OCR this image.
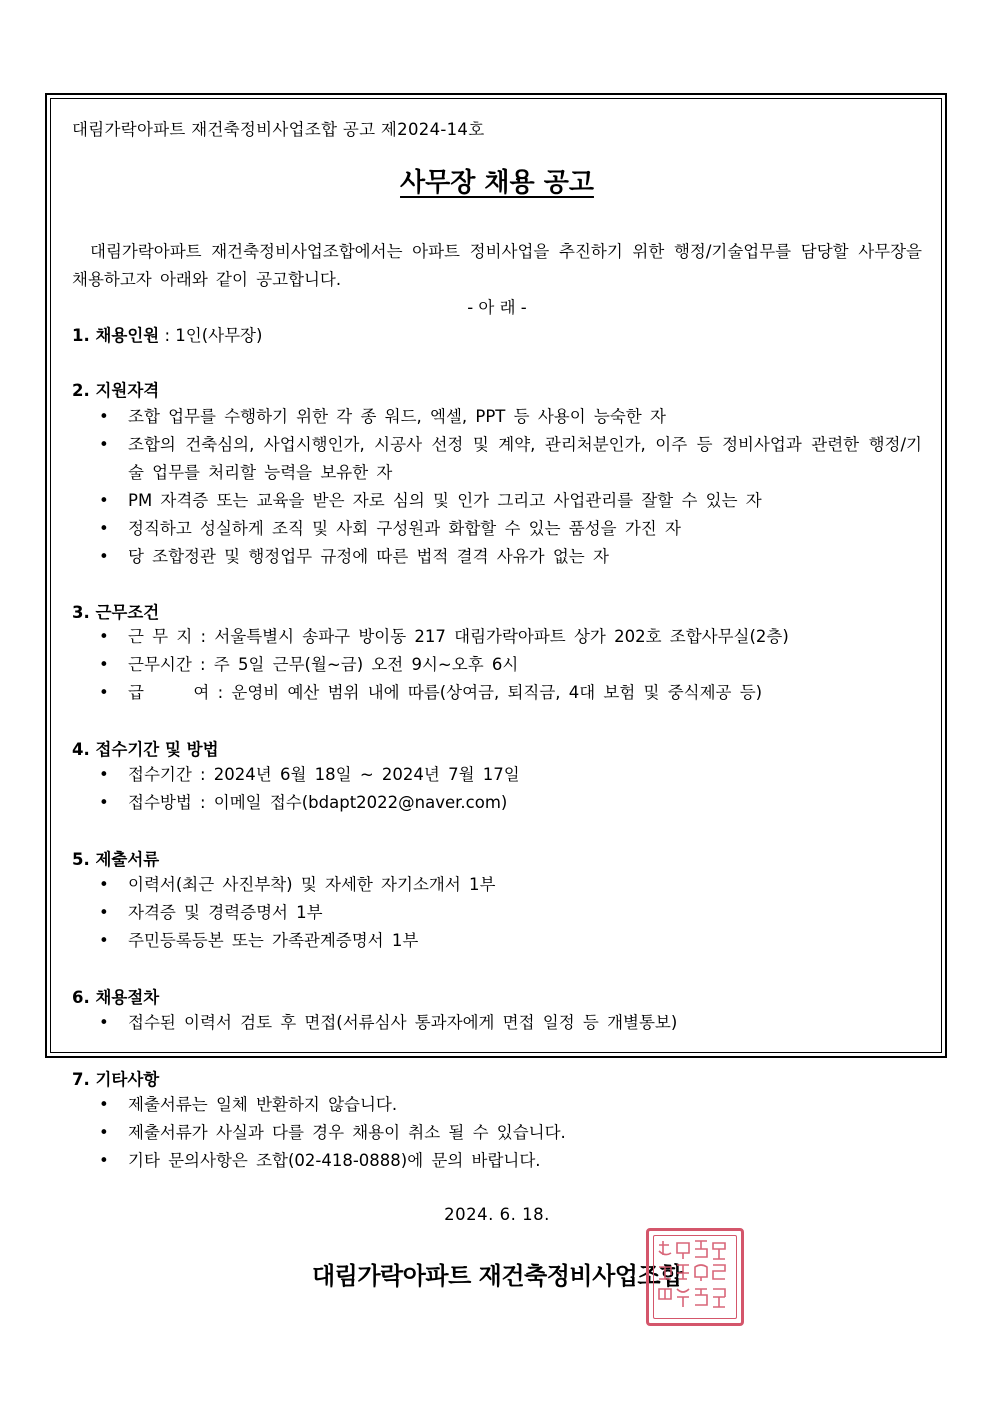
대림가락아파트 재건축정비사업조합 공고 제2024-14호
사무장 채용 공고
대림가락아파트 재건축정비사업조합에서는 아파트 정비사업을 추진하기 위한 행정/기술업무를 담당할 사무장을 채용하고자 아래와 같이 공고합니다.
- 아 래 -
1. 채용인원 : 1인(사무장)
2. 지원자격
• 조합 업무를 수행하기 위한 각 종 워드, 엑셀, PPT 등 사용이 능숙한 자
• 조합의 건축심의, 사업시행인가, 시공사 선정 및 계약, 관리처분인가, 이주 등 정비사업과 관련한 행정/기술 업무를 처리할 능력을 보유한 자
• PM 자격증 또는 교육을 받은 자로 심의 및 인가 그리고 사업관리를 잘할 수 있는 자
• 정직하고 성실하게 조직 및 사회 구성원과 화합할 수 있는 품성을 가진 자
• 당 조합정관 및 행정업무 규정에 따른 법적 결격 사유가 없는 자
3. 근무조건
• 근 무 지 : 서울특별시 송파구 방이동 217 대림가락아파트 상가 202호 조합사무실(2층)
• 근무시간 : 주 5일 근무(월~금) 오전 9시~오후 6시
• 급      여 : 운영비 예산 범위 내에 따름(상여금, 퇴직금, 4대 보험 및 중식제공 등)
4. 접수기간 및 방법
• 접수기간 : 2024년 6월 18일 ~ 2024년 7월 17일
• 접수방법 : 이메일 접수(bdapt2022@naver.com)
5. 제출서류
• 이력서(최근 사진부착) 및 자세한 자기소개서 1부
• 자격증 및 경력증명서 1부
• 주민등록등본 또는 가족관계증명서 1부
6. 채용절차
• 접수된 이력서 검토 후 면접(서류심사 통과자에게 면접 일정 등 개별통보)
7. 기타사항
• 제출서류는 일체 반환하지 않습니다.
• 제출서류가 사실과 다를 경우 채용이 취소 될 수 있습니다.
• 기타 문의사항은 조합(02-418-0888)에 문의 바랍니다.
2024. 6. 18.
대림가락아파트 재건축정비사업조합
